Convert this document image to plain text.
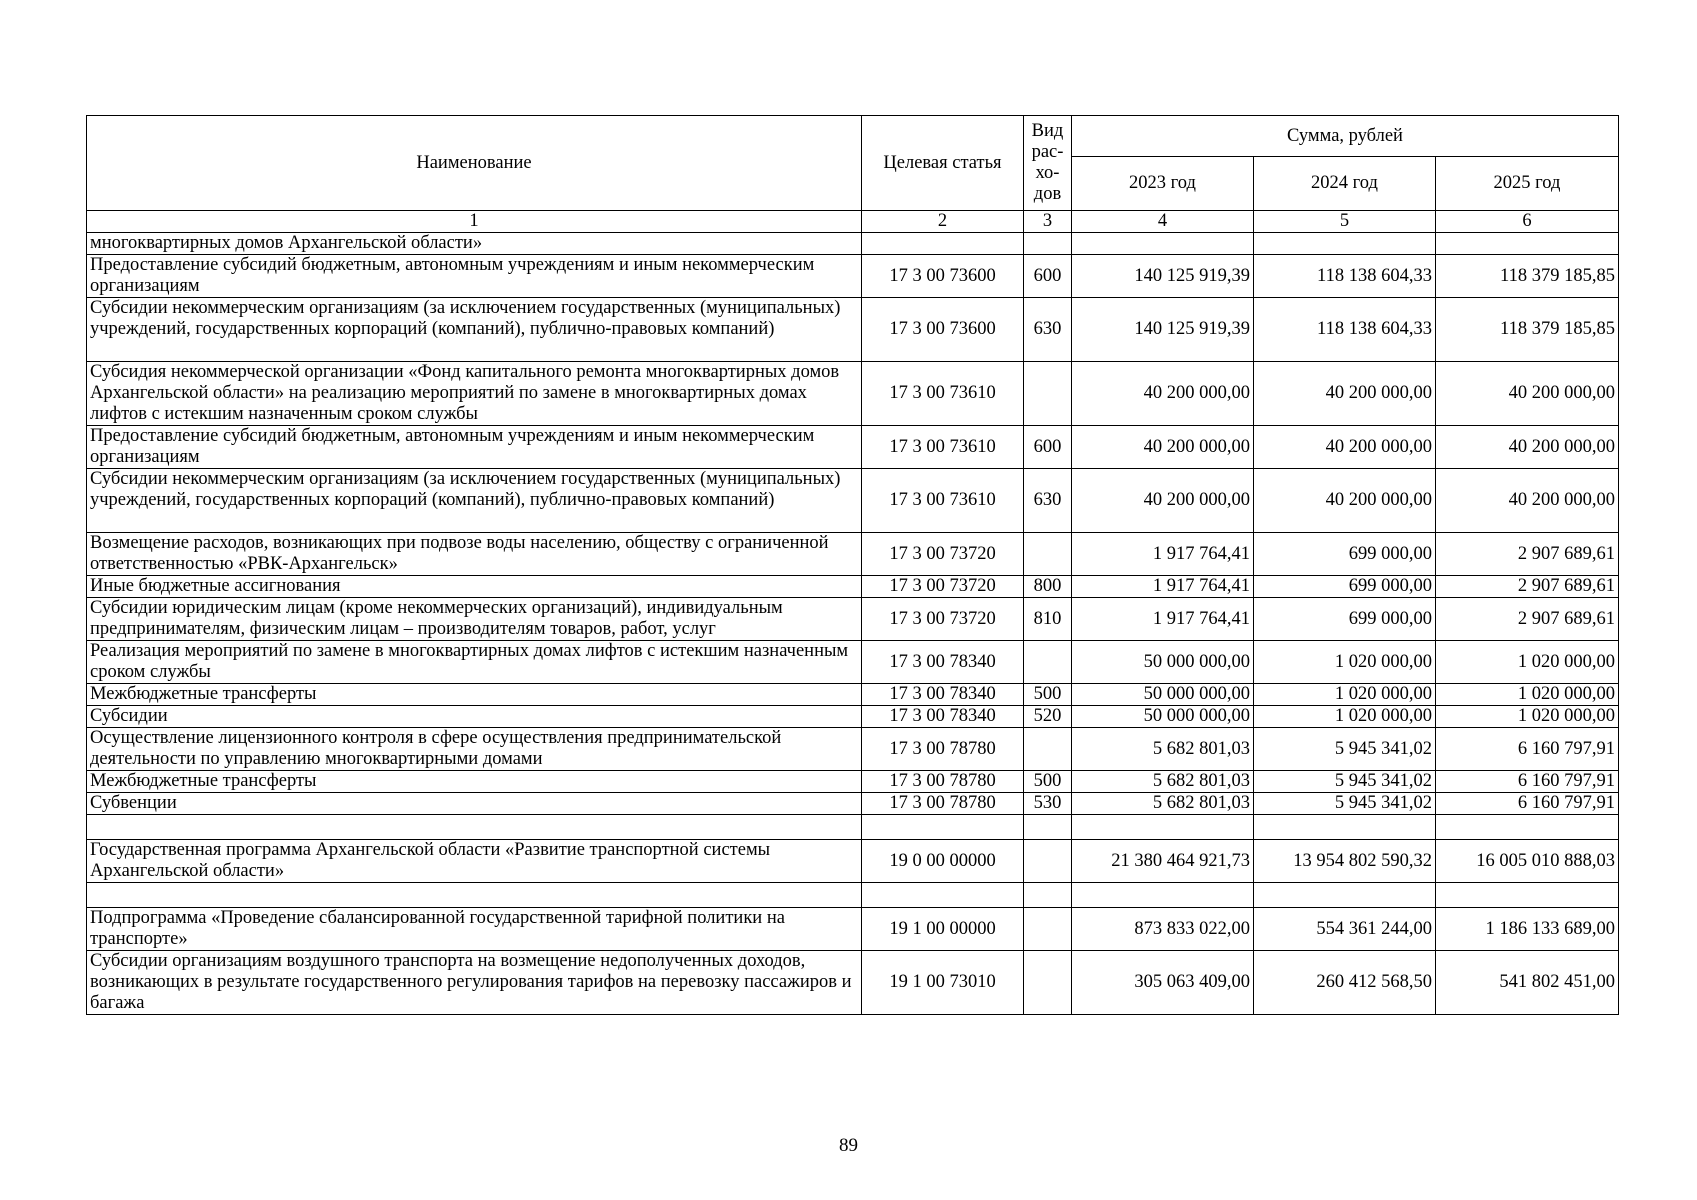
Наименование	Целевая статья	Вид рас-хо-дов	Сумма, рублей		
			2023 год	2024 год	2025 год
1	2	3	4	5	6
многоквартирных домов Архангельской области»					
Предоставление субсидий бюджетным, автономным учреждениям и иным некоммерческим организациям	17 3 00 73600	600	140 125 919,39	118 138 604,33	118 379 185,85
Субсидии некоммерческим организациям (за исключением государственных (муниципальных) учреждений, государственных корпораций (компаний), публично-правовых компаний)	17 3 00 73600	630	140 125 919,39	118 138 604,33	118 379 185,85
Субсидия некоммерческой организации «Фонд капитального ремонта многоквартирных домов Архангельской области» на реализацию мероприятий по замене в многоквартирных домах лифтов с истекшим назначенным сроком службы	17 3 00 73610		40 200 000,00	40 200 000,00	40 200 000,00
Предоставление субсидий бюджетным, автономным учреждениям и иным некоммерческим организациям	17 3 00 73610	600	40 200 000,00	40 200 000,00	40 200 000,00
Субсидии некоммерческим организациям (за исключением государственных (муниципальных) учреждений, государственных корпораций (компаний), публично-правовых компаний)	17 3 00 73610	630	40 200 000,00	40 200 000,00	40 200 000,00
Возмещение расходов, возникающих при подвозе воды населению, обществу с ограниченной ответственностью «РВК-Архангельск»	17 3 00 73720		1 917 764,41	699 000,00	2 907 689,61
Иные бюджетные ассигнования	17 3 00 73720	800	1 917 764,41	699 000,00	2 907 689,61
Субсидии юридическим лицам (кроме некоммерческих организаций), индивидуальным предпринимателям, физическим лицам – производителям товаров, работ, услуг	17 3 00 73720	810	1 917 764,41	699 000,00	2 907 689,61
Реализация мероприятий по замене в многоквартирных домах лифтов с истекшим назначенным сроком службы	17 3 00 78340		50 000 000,00	1 020 000,00	1 020 000,00
Межбюджетные трансферты	17 3 00 78340	500	50 000 000,00	1 020 000,00	1 020 000,00
Субсидии	17 3 00 78340	520	50 000 000,00	1 020 000,00	1 020 000,00
Осуществление лицензионного контроля в сфере осуществления предпринимательской деятельности по управлению многоквартирными домами	17 3 00 78780		5 682 801,03	5 945 341,02	6 160 797,91
Межбюджетные трансферты	17 3 00 78780	500	5 682 801,03	5 945 341,02	6 160 797,91
Субвенции	17 3 00 78780	530	5 682 801,03	5 945 341,02	6 160 797,91

Государственная программа Архангельской области «Развитие транспортной системы Архангельской области»	19 0 00 00000		21 380 464 921,73	13 954 802 590,32	16 005 010 888,03

Подпрограмма «Проведение сбалансированной государственной тарифной политики на транспорте»	19 1 00 00000		873 833 022,00	554 361 244,00	1 186 133 689,00
Субсидии организациям воздушного транспорта на возмещение недополученных доходов, возникающих в результате государственного регулирования тарифов на перевозку пассажиров и багажа	19 1 00 73010		305 063 409,00	260 412 568,50	541 802 451,00
89
